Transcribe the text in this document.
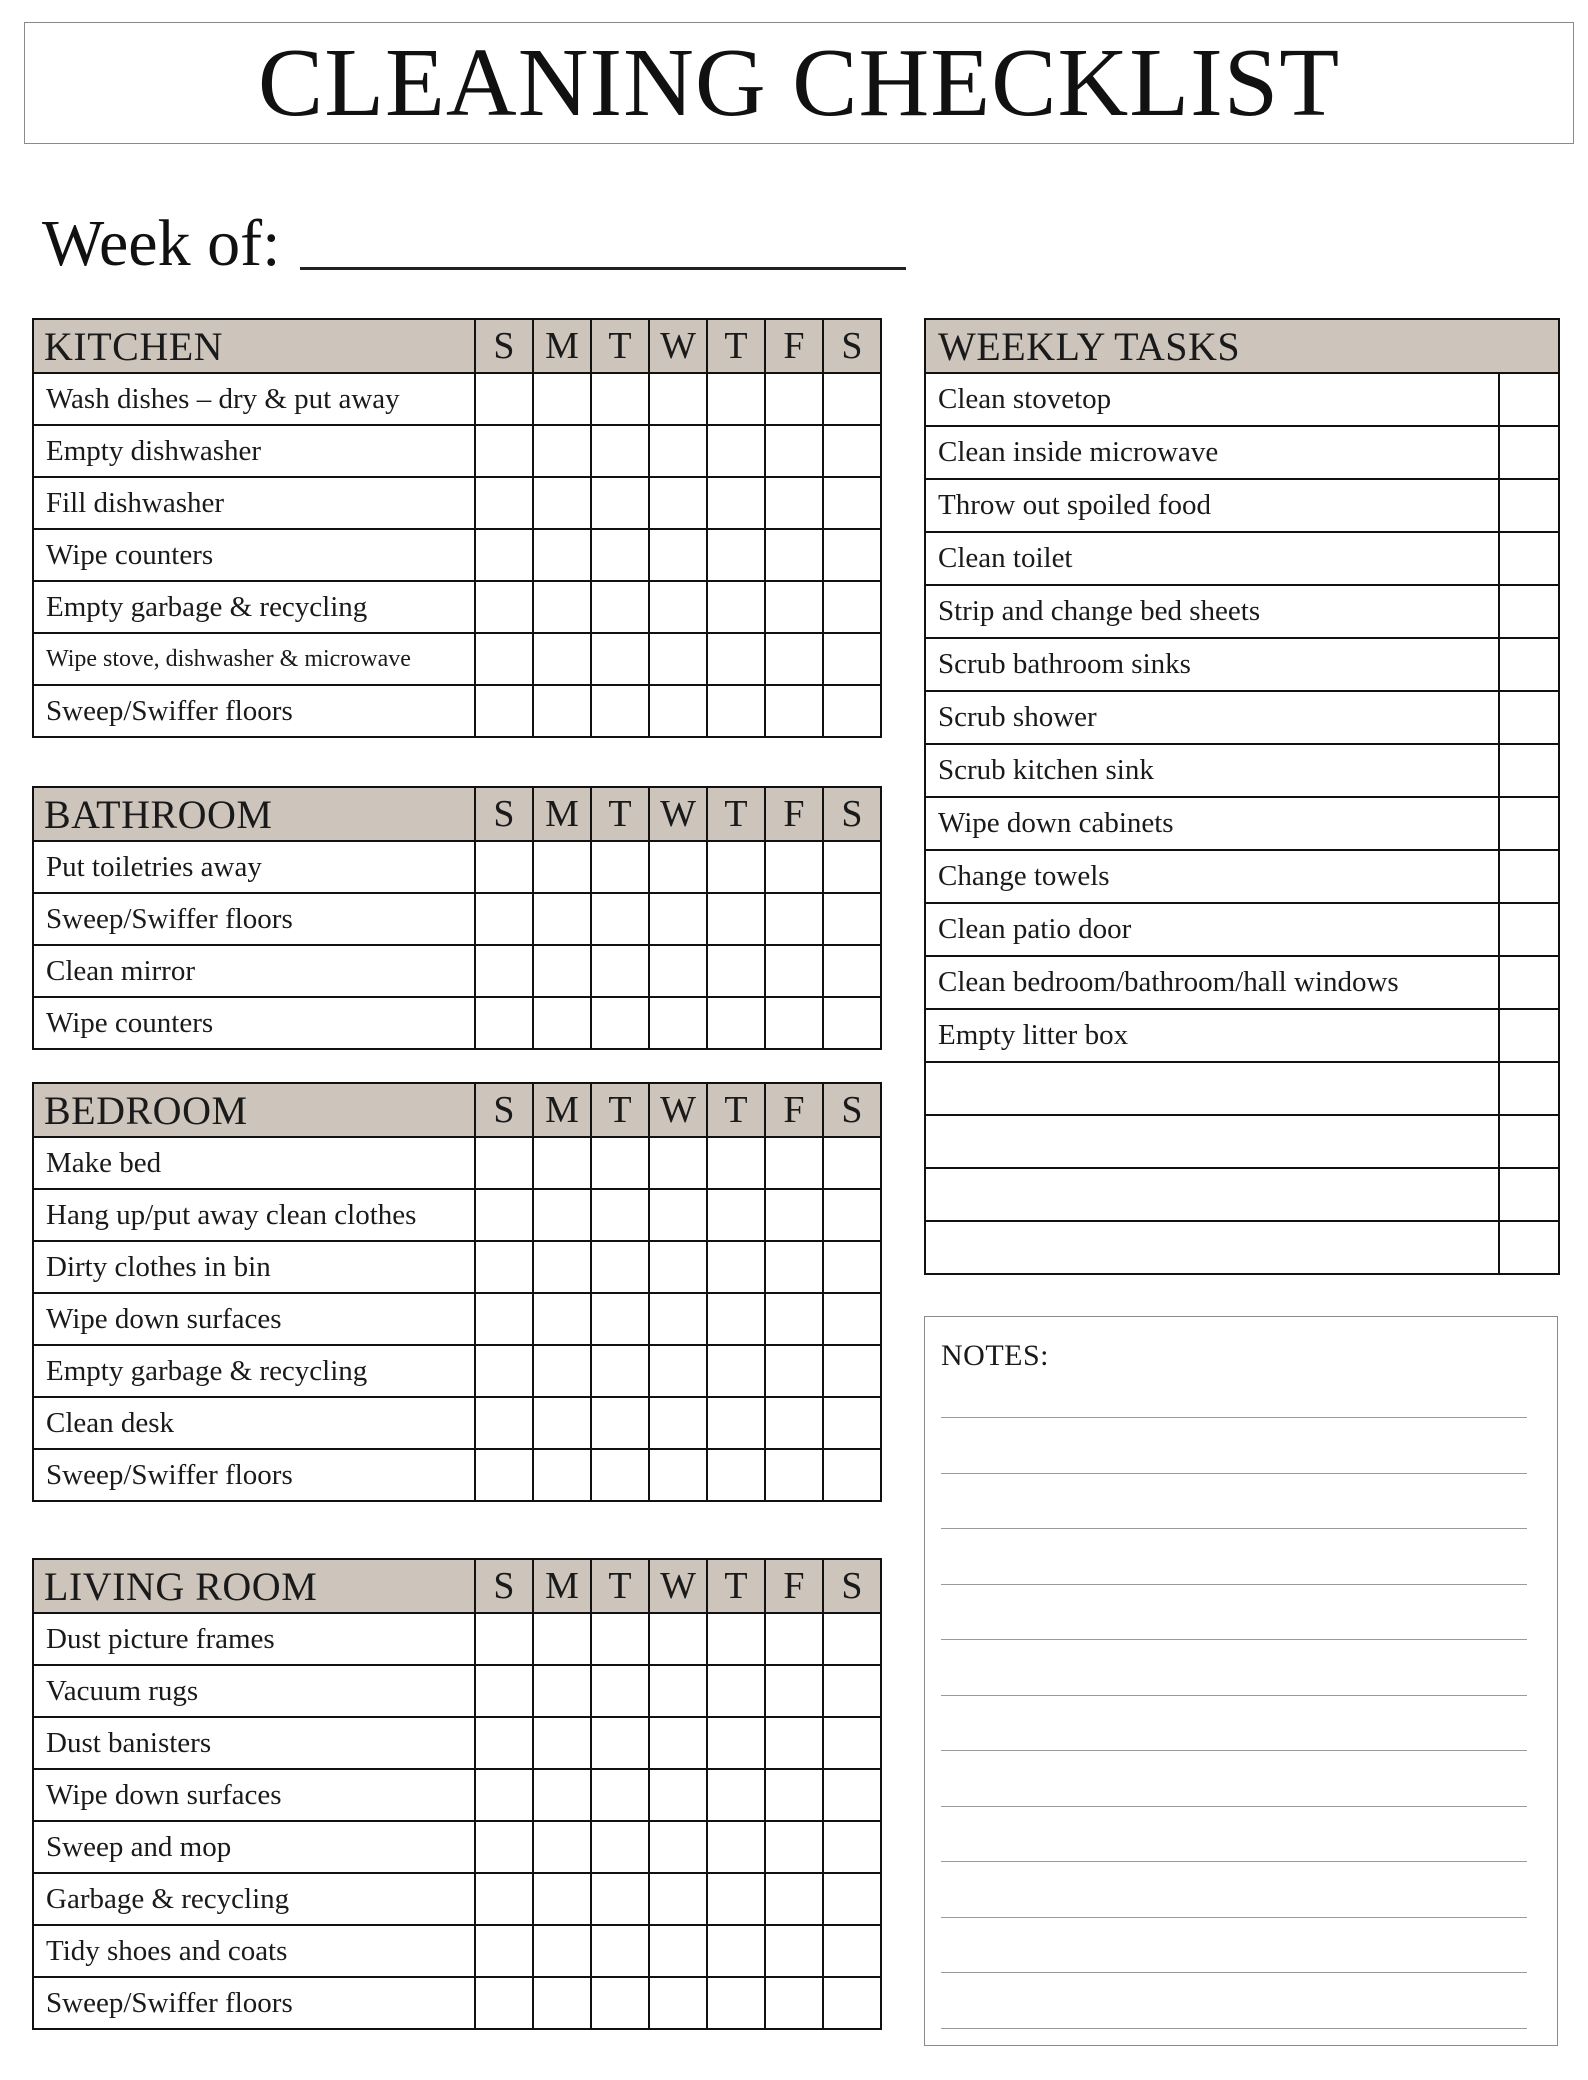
CLEANING CHECKLIST
Week of:
KITCHEN	S	M	T	W	T	F	S
Wash dishes – dry & put away							
Empty dishwasher							
Fill dishwasher							
Wipe counters							
Empty garbage & recycling							
Wipe stove, dishwasher & microwave							
Sweep/Swiffer floors							
BATHROOM	S	M	T	W	T	F	S
Put toiletries away							
Sweep/Swiffer floors							
Clean mirror							
Wipe counters							
BEDROOM	S	M	T	W	T	F	S
Make bed							
Hang up/put away clean clothes							
Dirty clothes in bin							
Wipe down surfaces							
Empty garbage & recycling							
Clean desk							
Sweep/Swiffer floors							
LIVING ROOM	S	M	T	W	T	F	S
Dust picture frames							
Vacuum rugs							
Dust banisters							
Wipe down surfaces							
Sweep and mop							
Garbage & recycling							
Tidy shoes and coats							
Sweep/Swiffer floors							
WEEKLY TASKS	
Clean stovetop	
Clean inside microwave	
Throw out spoiled food	
Clean toilet	
Strip and change bed sheets	
Scrub bathroom sinks	
Scrub shower	
Scrub kitchen sink	
Wipe down cabinets	
Change towels	
Clean patio door	
Clean bedroom/bathroom/hall windows	
Empty litter box	

NOTES:
